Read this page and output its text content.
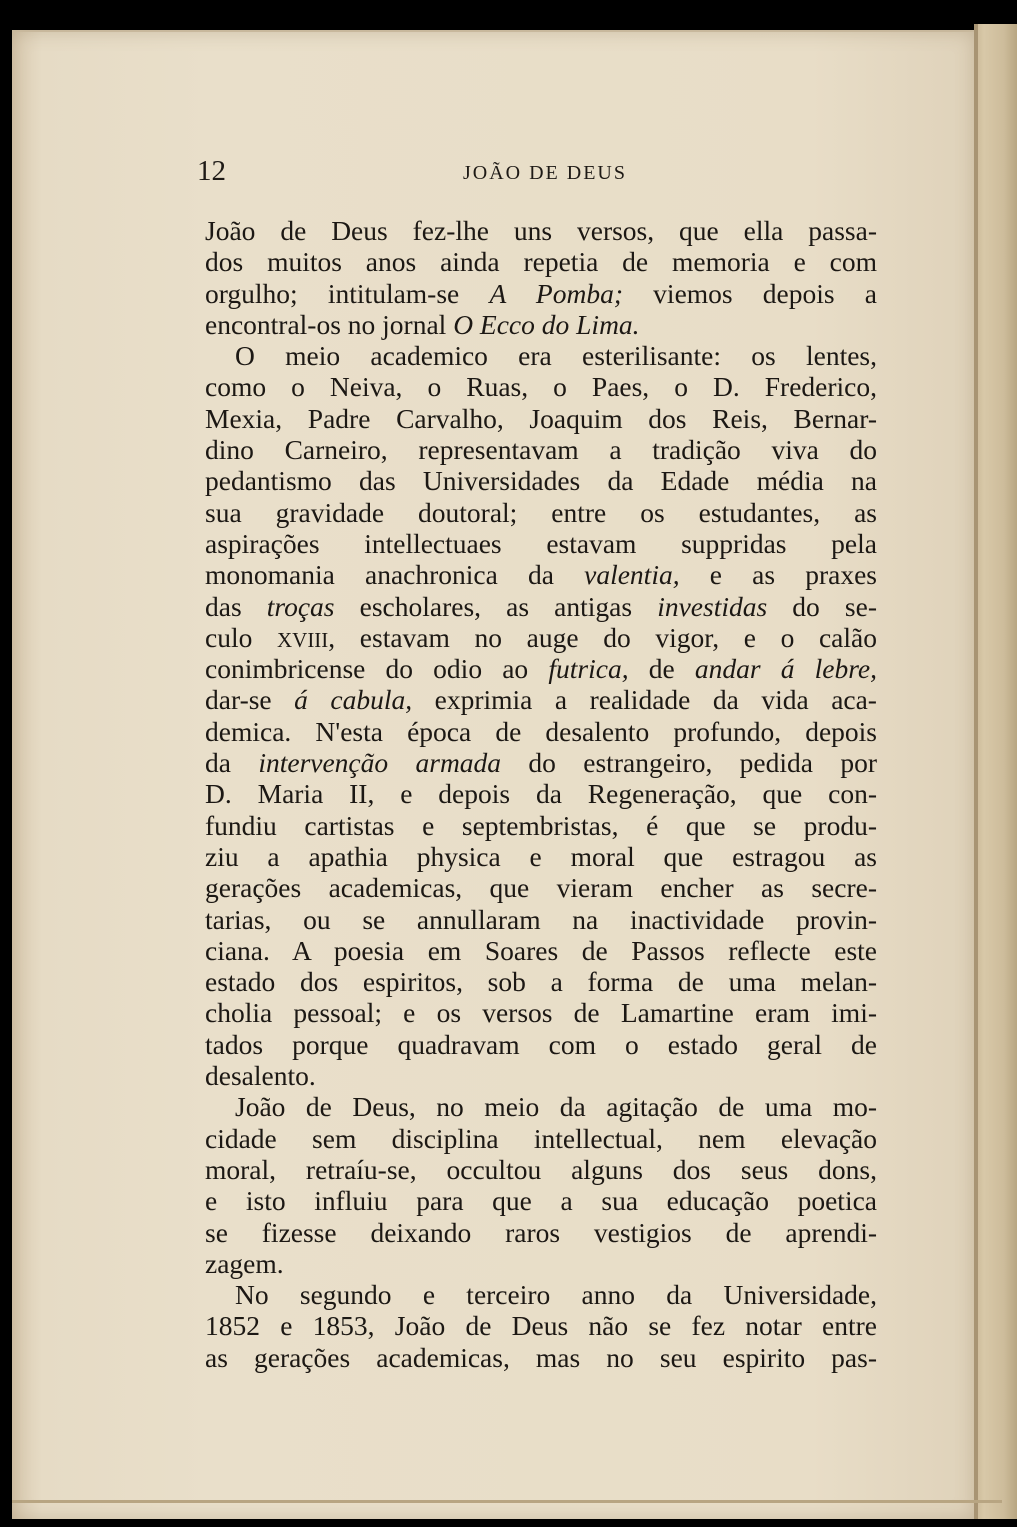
12	JOÃO DE DEUS
João de Deus fez-lhe uns versos, que ella passa-
dos muitos anos ainda repetia de memoria e com
orgulho; intitulam-se A Pomba; viemos depois a
encontral-os no jornal O Ecco do Lima.
O meio academico era esterilisante: os lentes,
como o Neiva, o Ruas, o Paes, o D. Frederico,
Mexia, Padre Carvalho, Joaquim dos Reis, Bernar-
dino Carneiro, representavam a tradição viva do
pedantismo das Universidades da Edade média na
sua gravidade doutoral; entre os estudantes, as
aspirações intellectuaes estavam suppridas pela
monomania anachronica da valentia, e as praxes
das troças escholares, as antigas investidas do se-
culo XVIII, estavam no auge do vigor, e o calão
conimbricense do odio ao futrica, de andar á lebre,
dar-se á cabula, exprimia a realidade da vida aca-
demica. N'esta época de desalento profundo, depois
da intervenção armada do estrangeiro, pedida por
D. Maria II, e depois da Regeneração, que con-
fundiu cartistas e septembristas, é que se produ-
ziu a apathia physica e moral que estragou as
gerações academicas, que vieram encher as secre-
tarias, ou se annullaram na inactividade provin-
ciana. A poesia em Soares de Passos reflecte este
estado dos espiritos, sob a forma de uma melan-
cholia pessoal; e os versos de Lamartine eram imi-
tados porque quadravam com o estado geral de
desalento.
João de Deus, no meio da agitação de uma mo-
cidade sem disciplina intellectual, nem elevação
moral, retraíu-se, occultou alguns dos seus dons,
e isto influiu para que a sua educação poetica
se fizesse deixando raros vestigios de aprendi-
zagem.
No segundo e terceiro anno da Universidade,
1852 e 1853, João de Deus não se fez notar entre
as gerações academicas, mas no seu espirito pas-
